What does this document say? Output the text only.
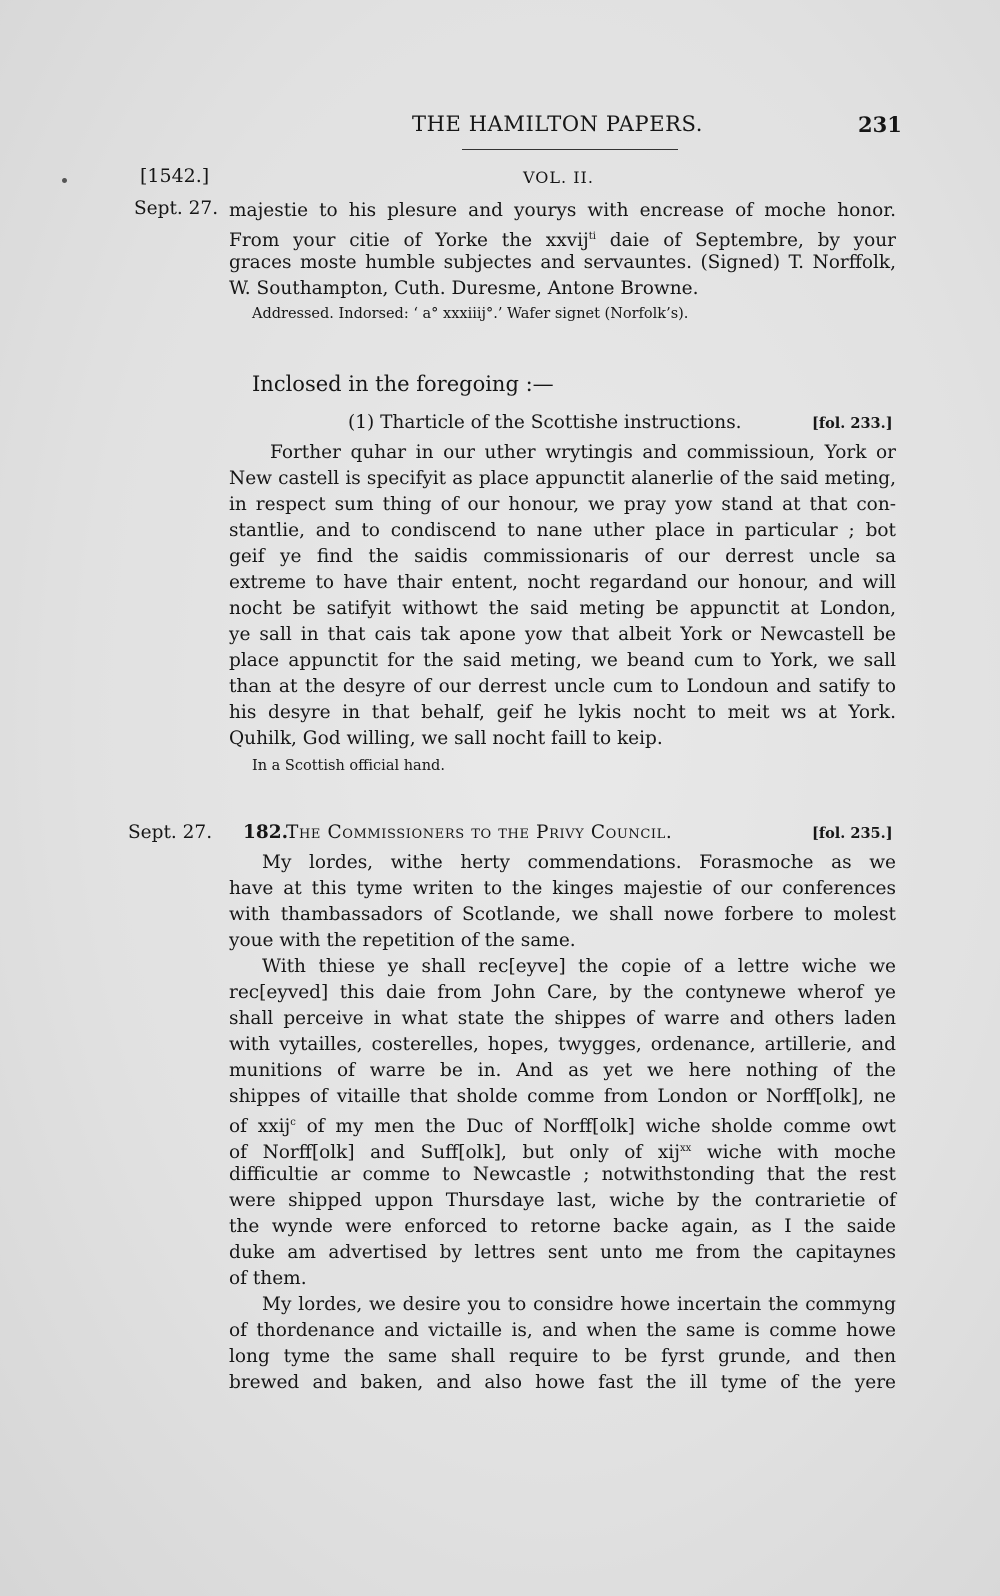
THE HAMILTON PAPERS.	231

[1542.]	VOL. II.

Sept. 27. majestie to his plesure and yourys with encrease of moche honor.

From your citie of Yorke the xxvij$^{ti}$ daie of Septembre, by your

graces moste humble subjectes and servauntes. (Signed) T. Norffolk,

W. Southampton, Cuth. Duresme, Antone Browne.

Addressed. Indorsed: ‘ a° xxxiiij°.’ Wafer signet (Norfolk’s).

Inclosed in the foregoing :—

(1) Tharticle of the Scottishe instructions.	[fol. 233.]

Forther quhar in our uther wrytingis and commissioun, York or

New castell is specifyit as place appunctit alanerlie of the said meting,

in respect sum thing of our honour, we pray yow stand at that con-

stantlie, and to condiscend to nane uther place in particular ; bot

geif ye find the saidis commissionaris of our derrest uncle sa

extreme to have thair entent, nocht regardand our honour, and will

nocht be satifyit withowt the said meting be appunctit at London,

ye sall in that cais tak apone yow that albeit York or Newcastell be

place appunctit for the said meting, we beand cum to York, we sall

than at the desyre of our derrest uncle cum to Londoun and satify to

his desyre in that behalf, geif he lykis nocht to meit ws at York.

Quhilk, God willing, we sall nocht faill to keip.

In a Scottish official hand.

Sept. 27. 182.

The Commissioners to the Privy Council.	[fol. 235.]

My lordes, withe herty commendations. Forasmoche as we

have at this tyme writen to the kinges majestie of our conferences

with thambassadors of Scotlande, we shall nowe forbere to molest

youe with the repetition of the same.

With thiese ye shall rec[eyve] the copie of a lettre wiche we

rec[eyved] this daie from John Care, by the contynewe wherof ye

shall perceive in what state the shippes of warre and others laden

with vytailles, costerelles, hopes, twygges, ordenance, artillerie, and

munitions of warre be in. And as yet we here nothing of the

shippes of vitaille that sholde comme from London or Norff[olk], ne

of xxij$^c$ of my men the Duc of Norff[olk] wiche sholde comme owt

of Norff[olk] and Suff[olk], but only of xij$^{xx}$ wiche with moche

difficultie ar comme to Newcastle ; notwithstonding that the rest

were shipped uppon Thursdaye last, wiche by the contrarietie of

the wynde were enforced to retorne backe again, as I the saide

duke am advertised by lettres sent unto me from the capitaynes

of them.

My lordes, we desire you to considre howe incertain the commyng

of thordenance and victaille is, and when the same is comme howe

long tyme the same shall require to be fyrst grunde, and then

brewed and baken, and also howe fast the ill tyme of the yere
